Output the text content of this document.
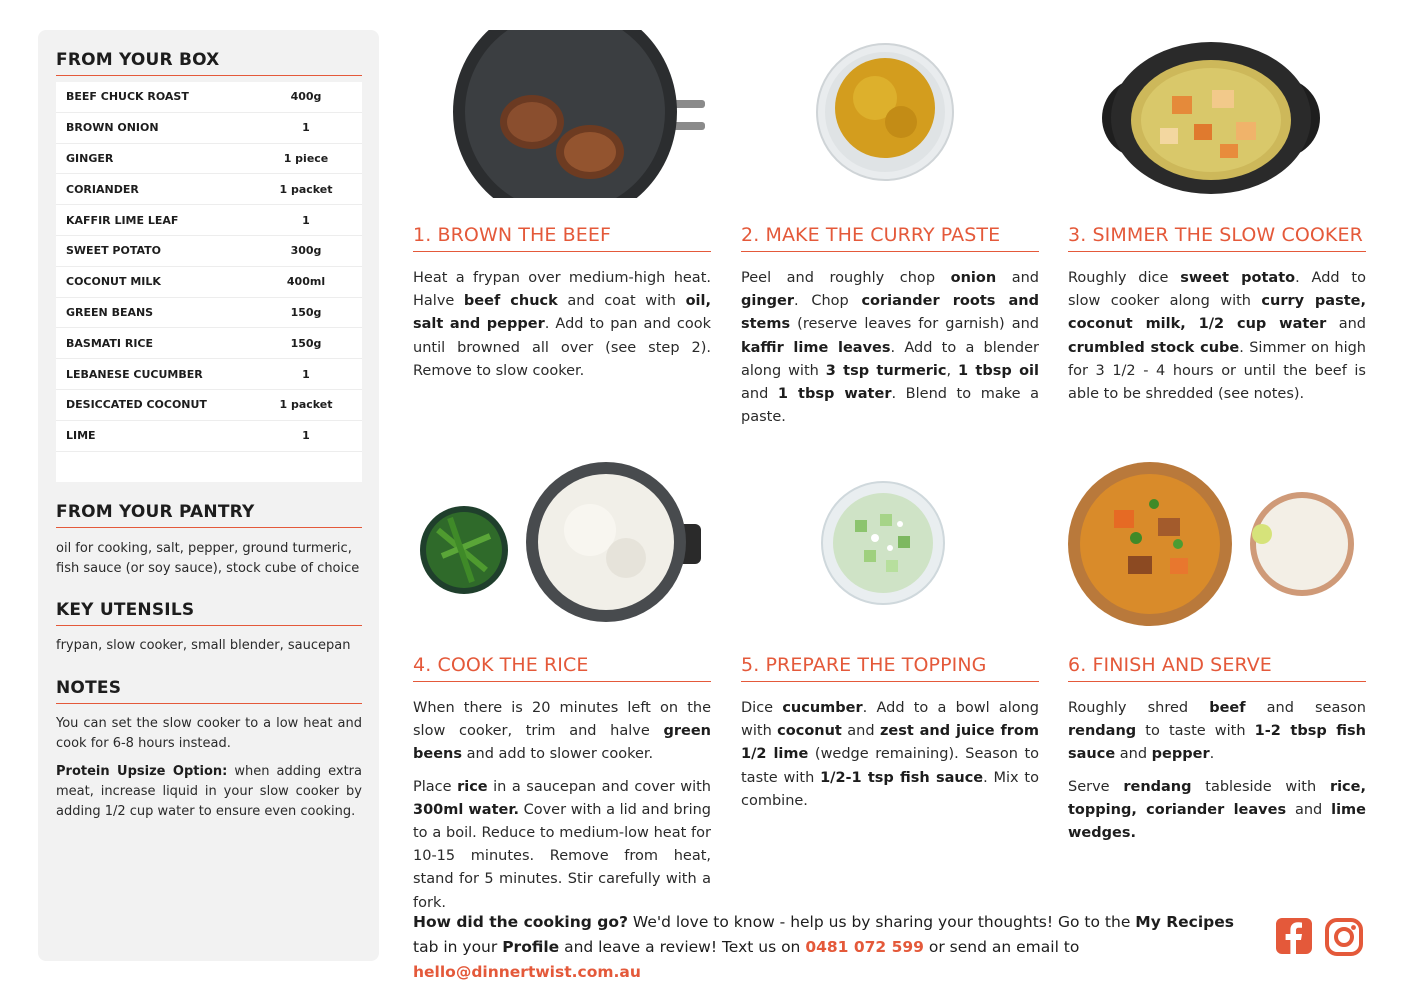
FROM YOUR BOX
BEEF CHUCK ROAST	400g
BROWN ONION	1
GINGER	1 piece
CORIANDER	1 packet
KAFFIR LIME LEAF	1
SWEET POTATO	300g
COCONUT MILK	400ml
GREEN BEANS	150g
BASMATI RICE	150g
LEBANESE CUCUMBER	1
DESICCATED COCONUT	1 packet
LIME	1
FROM YOUR PANTRY
oil for cooking, salt, pepper, ground turmeric, fish sauce (or soy sauce), stock cube of choice
KEY UTENSILS
frypan, slow cooker, small blender, saucepan
NOTES

You can set the slow cooker to a low heat and cook for 6-8 hours instead.

Protein Upsize Option: when adding extra meat, increase liquid in your slow cooker by adding 1/2 cup water to ensure even cooking.

1. BROWN THE BEEF	2. MAKE THE CURRY PASTE	3. SIMMER THE SLOW COOKER
4. COOK THE RICE	5. PREPARE THE TOPPING	6. FINISH AND SERVE
Heat a frypan over medium-high heat. Halve beef chuck and coat with oil, salt and pepper. Add to pan and cook until browned all over (see step 2). Remove to slow cooker.
Peel and roughly chop onion and ginger. Chop coriander roots and stems (reserve leaves for garnish) and kaffir lime leaves. Add to a blender along with 3 tsp turmeric, 1 tbsp oil and 1 tbsp water. Blend to make a paste.
Roughly dice sweet potato. Add to slow cooker along with curry paste, coconut milk, 1/2 cup water and crumbled stock cube. Simmer on high for 3 1/2 - 4 hours or until the beef is able to be shredded (see notes).

When there is 20 minutes left on the slow cooker, trim and halve green beens and add to slower cooker.

Place rice in a saucepan and cover with 300ml water. Cover with a lid and bring to a boil. Reduce to medium-low heat for 10-15 minutes. Remove from heat, stand for 5 minutes. Stir carefully with a fork.

Dice cucumber. Add to a bowl along with coconut and zest and juice from 1/2 lime (wedge remaining). Season to taste with 1/2-1 tsp fish sauce. Mix to combine.

Roughly shred beef and season rendang to taste with 1-2 tbsp fish sauce and pepper.

Serve rendang tableside with rice, topping, coriander leaves and lime wedges.

How did the cooking go? We'd love to know - help us by sharing your thoughts! Go to the My Recipes tab in your Profile and leave a review! Text us on 0481 072 599 or send an email to hello@dinnertwist.com.au
